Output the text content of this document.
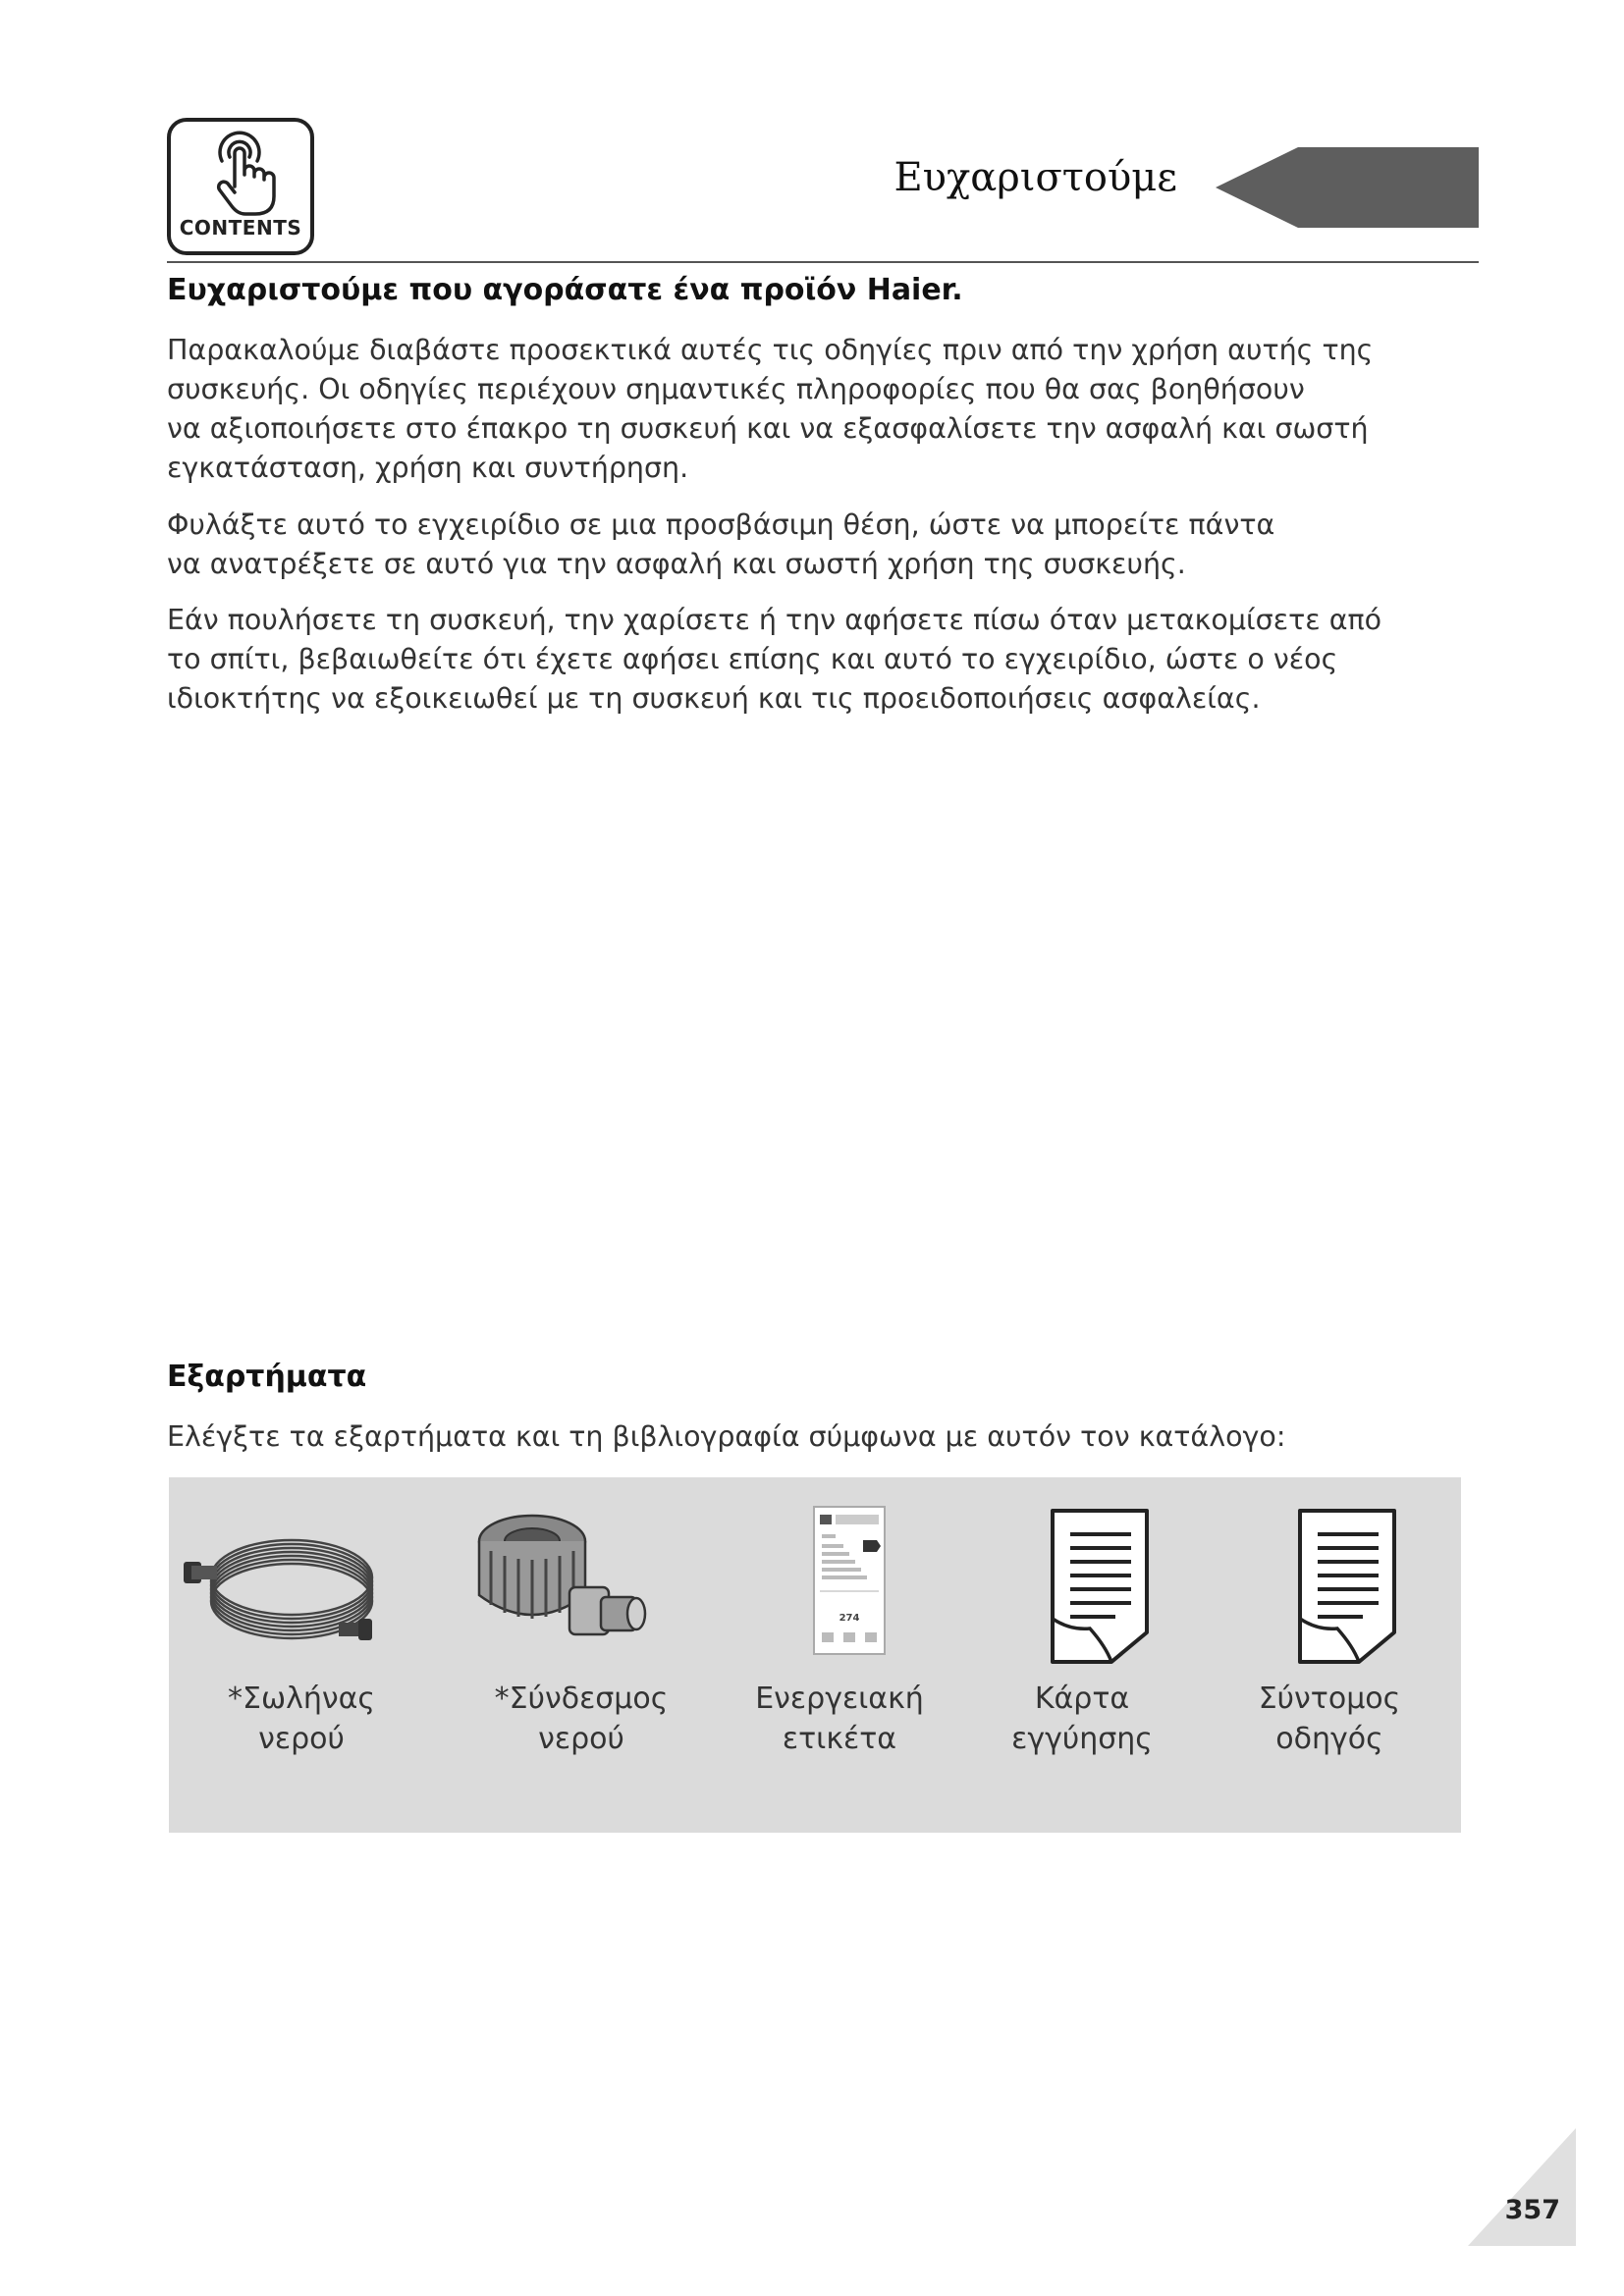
CONTENTS
Ευχαριστούμε
Ευχαριστούμε που αγοράσατε ένα προϊόν Haier.

Παρακαλούμε διαβάστε προσεκτικά αυτές τις οδηγίες πριν από την χρήση αυτής της
συσκευής. Οι οδηγίες περιέχουν σημαντικές πληροφορίες που θα σας βοηθήσουν
να αξιοποιήσετε στο έπακρο τη συσκευή και να εξασφαλίσετε την ασφαλή και σωστή
εγκατάσταση, χρήση και συντήρηση.

Φυλάξτε αυτό το εγχειρίδιο σε μια προσβάσιμη θέση, ώστε να μπορείτε πάντα
να ανατρέξετε σε αυτό για την ασφαλή και σωστή χρήση της συσκευής.

Εάν πουλήσετε τη συσκευή, την χαρίσετε ή την αφήσετε πίσω όταν μετακομίσετε από
το σπίτι, βεβαιωθείτε ότι έχετε αφήσει επίσης και αυτό το εγχειρίδιο, ώστε ο νέος
ιδιοκτήτης να εξοικειωθεί με τη συσκευή και τις προειδοποιήσεις ασφαλείας.

Εξαρτήματα

Ελέγξτε τα εξαρτήματα και τη βιβλιογραφία σύμφωνα με αυτόν τον κατάλογο:

*Σωλήνας
νερού
*Σύνδεσμος
νερού
274
Ενεργειακή
ετικέτα
Κάρτα
εγγύησης
Σύντομος
οδηγός
357
